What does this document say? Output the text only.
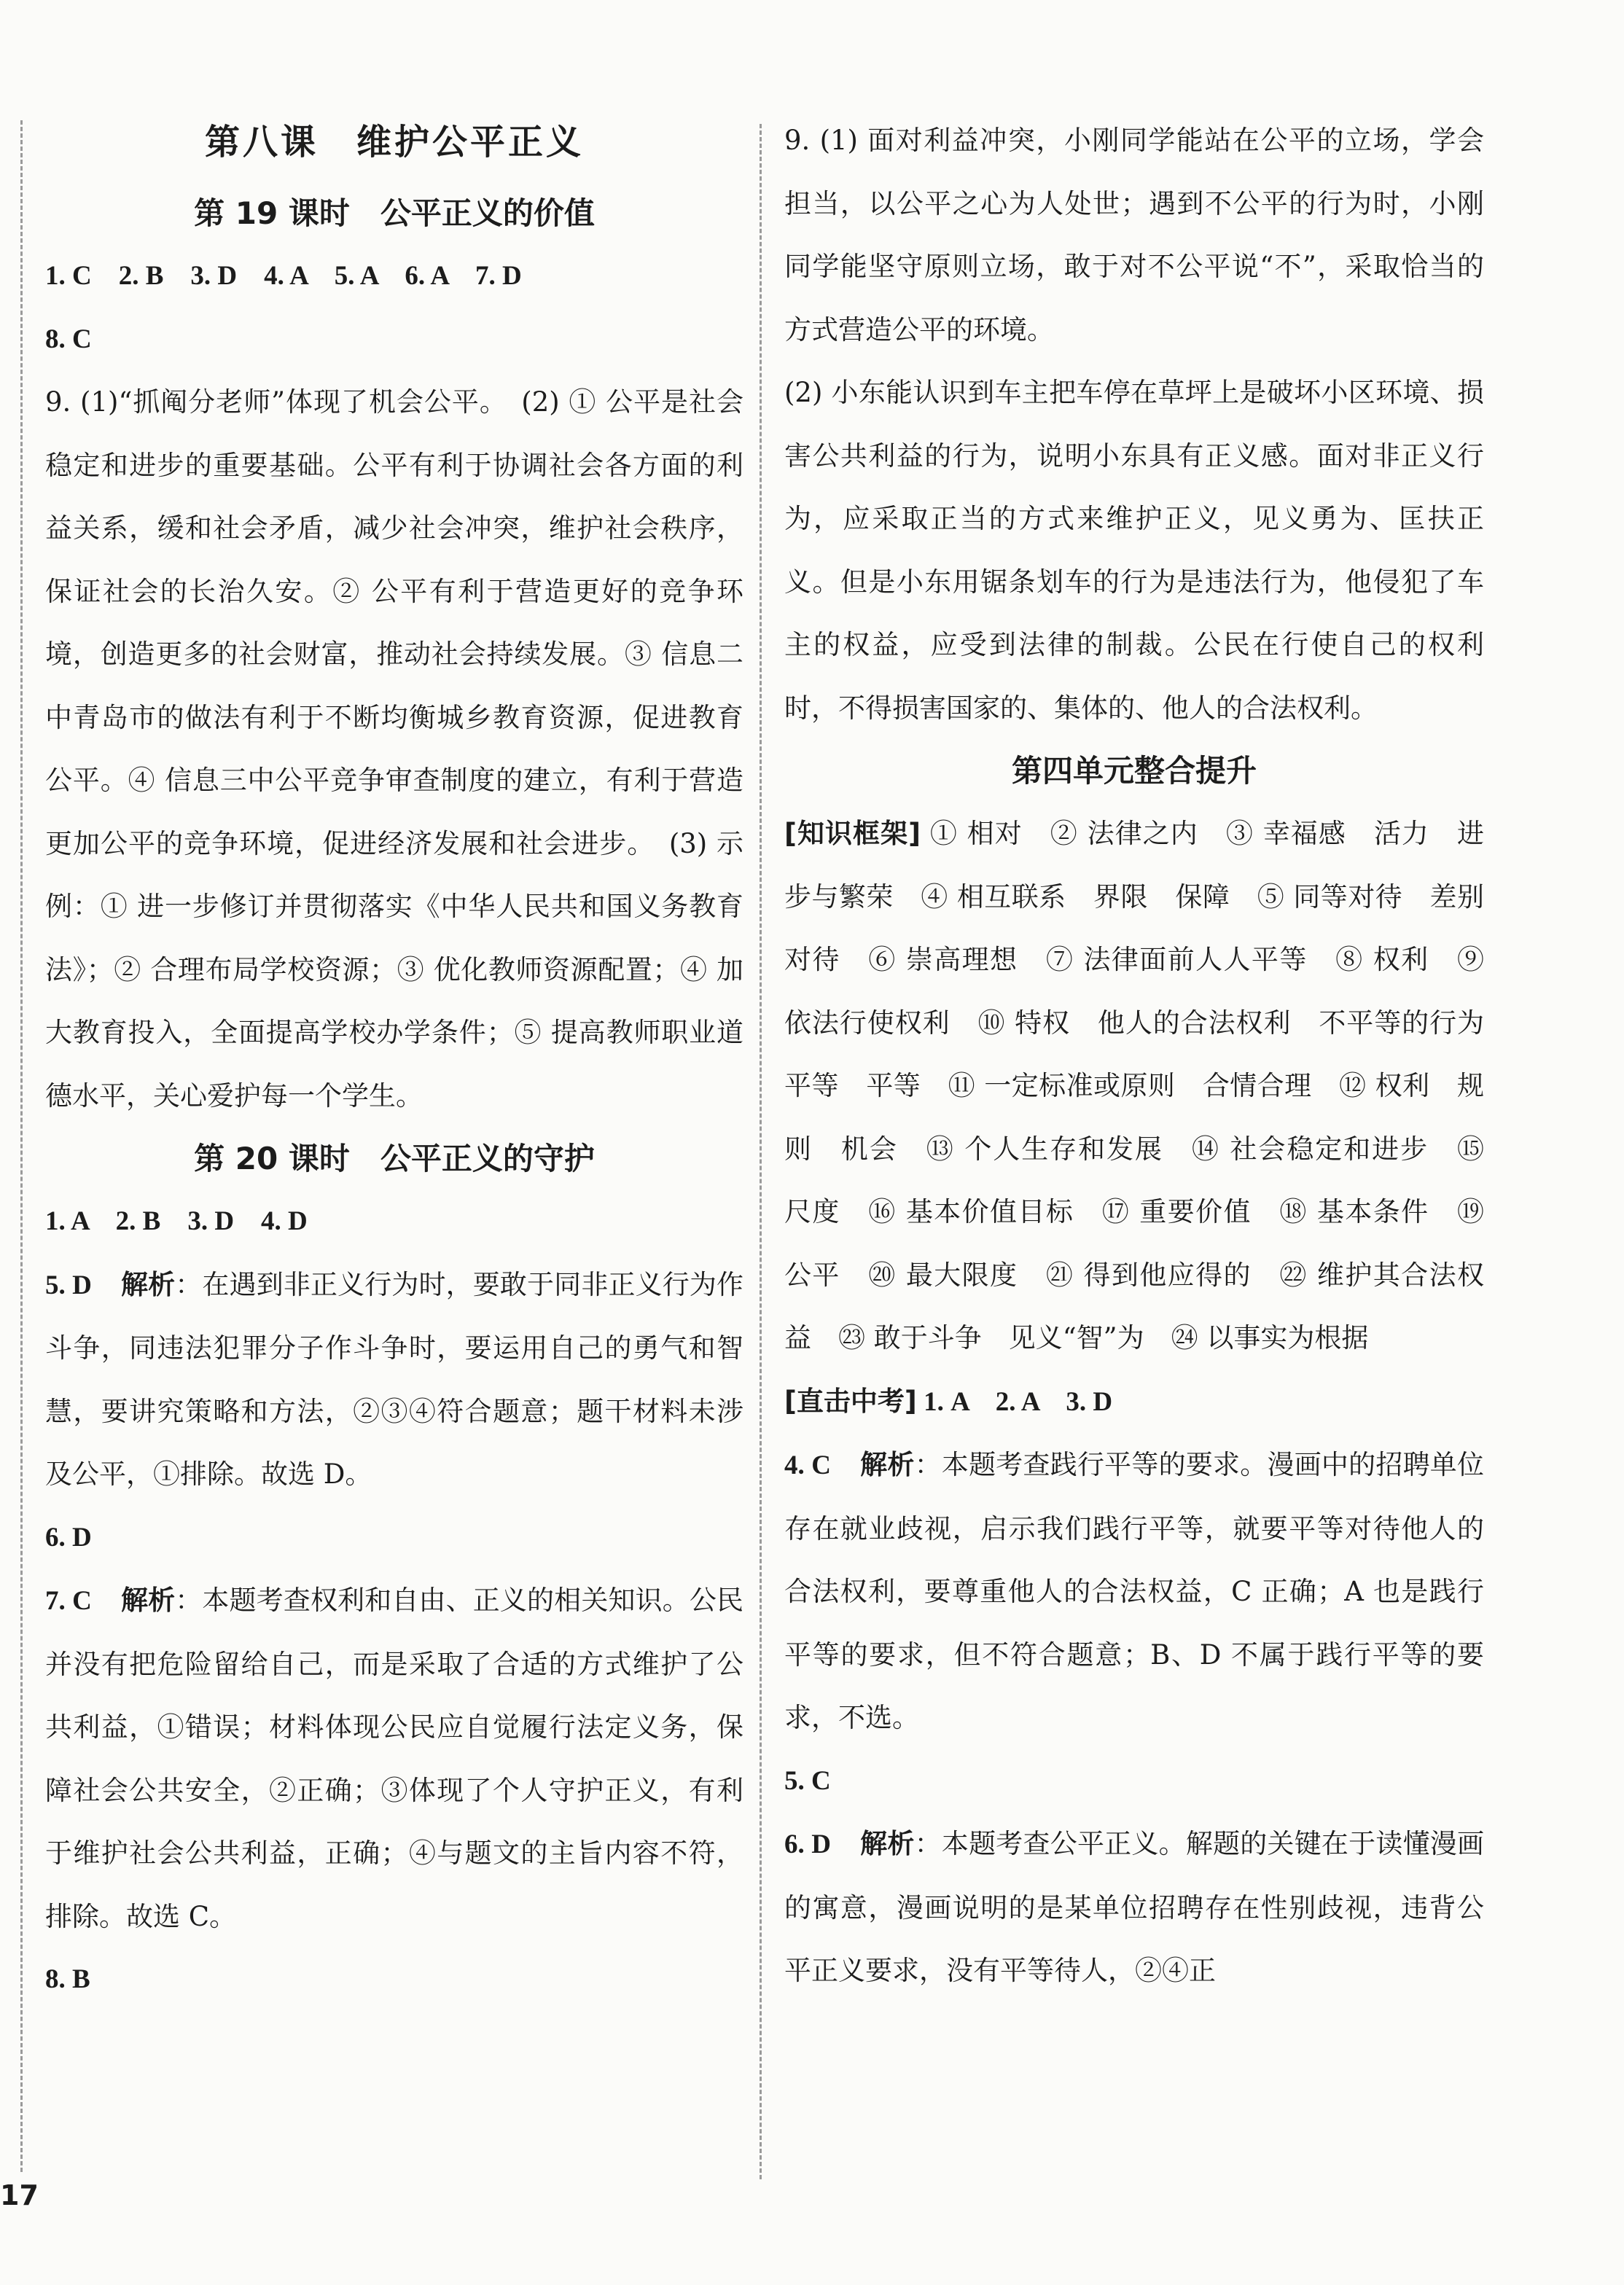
第八课　维护公平正义
第 19 课时　公平正义的价值

1. C　2. B　3. D　4. A　5. A　6. A　7. D

8. C

9. (1)“抓阄分老师”体现了机会公平。　(2) ① 公平是社会稳定和进步的重要基础。公平有利于协调社会各方面的利益关系，缓和社会矛盾，减少社会冲突，维护社会秩序，保证社会的长治久安。② 公平有利于营造更好的竞争环境，创造更多的社会财富，推动社会持续发展。③ 信息二中青岛市的做法有利于不断均衡城乡教育资源，促进教育公平。④ 信息三中公平竞争审查制度的建立，有利于营造更加公平的竞争环境，促进经济发展和社会进步。　(3) 示例：① 进一步修订并贯彻落实《中华人民共和国义务教育法》；② 合理布局学校资源；③ 优化教师资源配置；④ 加大教育投入，全面提高学校办学条件；⑤ 提高教师职业道德水平，关心爱护每一个学生。

第 20 课时　公平正义的守护

1. A　2. B　3. D　4. D

5. D 解析：在遇到非正义行为时，要敢于同非正义行为作斗争，同违法犯罪分子作斗争时，要运用自己的勇气和智慧，要讲究策略和方法，②③④符合题意；题干材料未涉及公平，①排除。故选 D。

6. D

7. C 解析：本题考查权利和自由、正义的相关知识。公民并没有把危险留给自己，而是采取了合适的方式维护了公共利益，①错误；材料体现公民应自觉履行法定义务，保障社会公共安全，②正确；③体现了个人守护正义，有利于维护社会公共利益，正确；④与题文的主旨内容不符，排除。故选 C。

8. B

9. (1) 面对利益冲突，小刚同学能站在公平的立场，学会担当，以公平之心为人处世；遇到不公平的行为时，小刚同学能坚守原则立场，敢于对不公平说“不”，采取恰当的方式营造公平的环境。

(2) 小东能认识到车主把车停在草坪上是破坏小区环境、损害公共利益的行为，说明小东具有正义感。面对非正义行为，应采取正当的方式来维护正义，见义勇为、匡扶正义。但是小东用锯条划车的行为是违法行为，他侵犯了车主的权益，应受到法律的制裁。公民在行使自己的权利时，不得损害国家的、集体的、他人的合法权利。

第四单元整合提升

[知识框架] ① 相对　② 法律之内　③ 幸福感　活力　进步与繁荣　④ 相互联系　界限　保障　⑤ 同等对待　差别对待　⑥ 崇高理想　⑦ 法律面前人人平等　⑧ 权利　⑨ 依法行使权利　⑩ 特权　他人的合法权利　不平等的行为　平等　平等　⑪ 一定标准或原则　合情合理　⑫ 权利　规则　机会　⑬ 个人生存和发展　⑭ 社会稳定和进步　⑮ 尺度　⑯ 基本价值目标　⑰ 重要价值　⑱ 基本条件　⑲ 公平　⑳ 最大限度　㉑ 得到他应得的　㉒ 维护其合法权益　㉓ 敢于斗争　见义“智”为　㉔ 以事实为根据

[直击中考] 1. A　2. A　3. D

4. C 解析：本题考查践行平等的要求。漫画中的招聘单位存在就业歧视，启示我们践行平等，就要平等对待他人的合法权利，要尊重他人的合法权益，C 正确；A 也是践行平等的要求，但不符合题意；B、D 不属于践行平等的要求，不选。

5. C

6. D 解析：本题考查公平正义。解题的关键在于读懂漫画的寓意，漫画说明的是某单位招聘存在性别歧视，违背公平正义要求，没有平等待人，②④正

17
